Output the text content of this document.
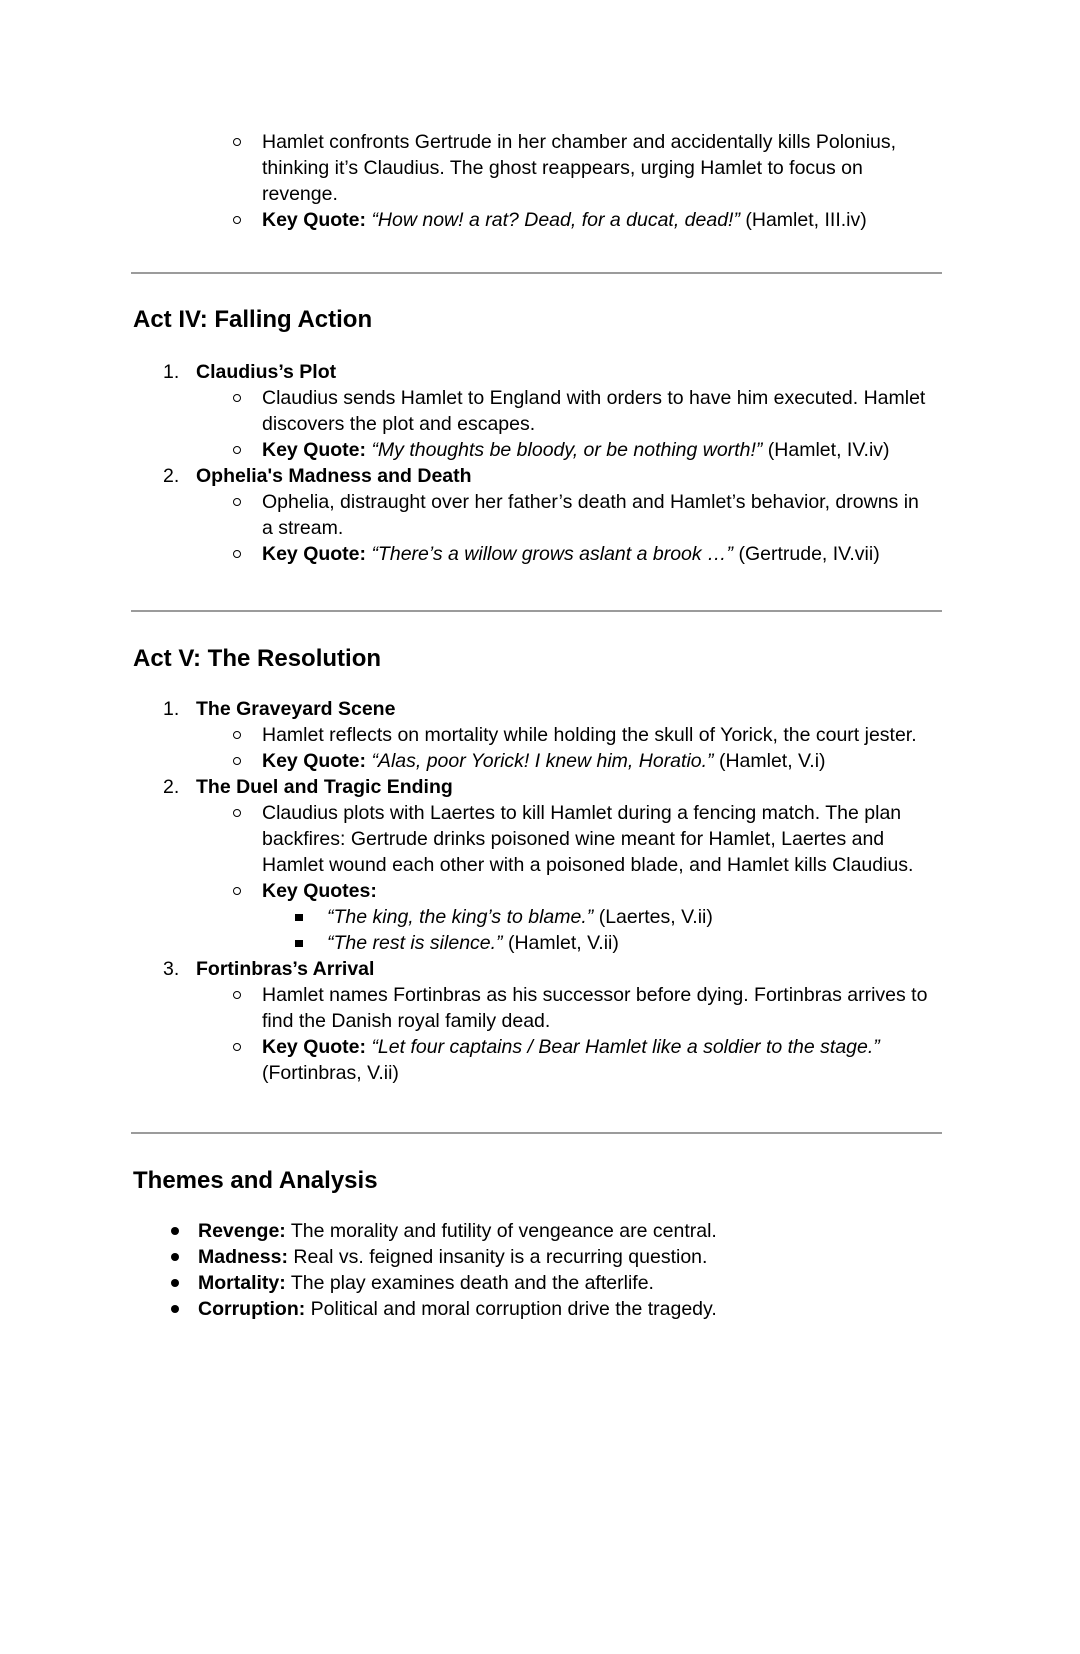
Hamlet confronts Gertrude in her chamber and accidentally kills Polonius,
thinking it’s Claudius. The ghost reappears, urging Hamlet to focus on
revenge.
Key Quote: “How now! a rat? Dead, for a ducat, dead!” (Hamlet, III.iv)
Act IV: Falling Action
1. Claudius’s Plot
Claudius sends Hamlet to England with orders to have him executed. Hamlet
discovers the plot and escapes.
Key Quote: “My thoughts be bloody, or be nothing worth!” (Hamlet, IV.iv)
2. Ophelia's Madness and Death
Ophelia, distraught over her father’s death and Hamlet’s behavior, drowns in
a stream.
Key Quote: “There’s a willow grows aslant a brook …” (Gertrude, IV.vii)
Act V: The Resolution
1. The Graveyard Scene
Hamlet reflects on mortality while holding the skull of Yorick, the court jester.
Key Quote: “Alas, poor Yorick! I knew him, Horatio.” (Hamlet, V.i)
2. The Duel and Tragic Ending
Claudius plots with Laertes to kill Hamlet during a fencing match. The plan
backfires: Gertrude drinks poisoned wine meant for Hamlet, Laertes and
Hamlet wound each other with a poisoned blade, and Hamlet kills Claudius.
Key Quotes:
“The king, the king’s to blame.” (Laertes, V.ii)
“The rest is silence.” (Hamlet, V.ii)
3. Fortinbras’s Arrival
Hamlet names Fortinbras as his successor before dying. Fortinbras arrives to
find the Danish royal family dead.
Key Quote: “Let four captains / Bear Hamlet like a soldier to the stage.”
(Fortinbras, V.ii)
Themes and Analysis
Revenge: The morality and futility of vengeance are central.
Madness: Real vs. feigned insanity is a recurring question.
Mortality: The play examines death and the afterlife.
Corruption: Political and moral corruption drive the tragedy.
